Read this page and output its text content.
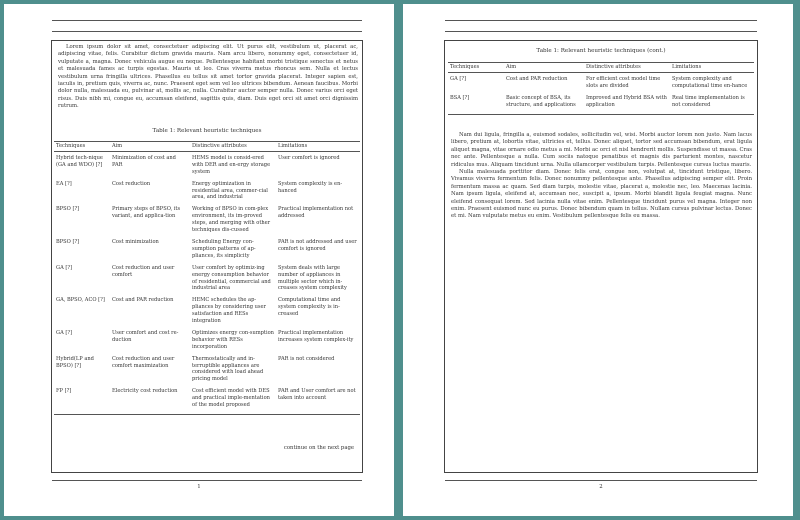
Lorem ipsum dolor sit amet, consectetuer adipiscing elit. Ut purus elit, vestibulum ut, placerat ac, adipiscing vitae, felis. Curabitur dictum gravida mauris. Nam arcu libero, nonummy eget, consectetuer id, vulputate a, magna. Donec vehicula augue eu neque. Pellentesque habitant morbi tristique senectus et netus et malesuada fames ac turpis egestas. Mauris ut leo. Cras viverra metus rhoncus sem. Nulla et lectus vestibulum urna fringilla ultrices. Phasellus eu tellus sit amet tortor gravida placerat. Integer sapien est, iaculis in, pretium quis, viverra ac, nunc. Praesent eget sem vel leo ultrices bibendum. Aenean faucibus. Morbi dolor nulla, malesuada eu, pulvinar at, mollis ac, nulla. Curabitur auctor semper nulla. Donec varius orci eget risus. Duis nibh mi, congue eu, accumsan eleifend, sagittis quis, diam. Duis eget orci sit amet orci dignissim rutrum.

Table 1: Relevant heuristic techniques
Techniques	Aim	Distinctive attributes	Limitations
Hybrid tech-nique (GA and WDO) [?]	Minimization of cost and PAR	HEMS model is consid-ered with DER and en-ergy storage system	User comfort is ignored
EA [?]	Cost reduction	Energy optimization in residential area, commer-cial area, and industrial	System complexity is en-hanced
BPSO [?]	Primary steps of BPSO, its variant, and applica-tion	Working of BPSO in com-plex environment, its im-proved steps, and merging with other techniques dis-cussed	Practical implementation not addressed
BPSO [?]	Cost minimization	Scheduling Energy con-sumption patterns of ap-pliances, its simplicity	PAR is not addressed and user comfort is ignored
GA [?]	Cost reduction and user comfort	User comfort by optimiz-ing energy consumption behavior of residential, commercial and industrial area	System deals with large number of appliances in multiple sector which in-creases system complexity
GA, BPSO, ACO [?]	Cost and PAR reduction	HEMC schedules the ap-pliances by considering user satisfaction and RESs integration	Computational time and system complexity is in-creased
GA [?]	User comfort and cost re-duction	Optimizes energy con-sumption behavior with RESs incorporation	Practical implementation increases system complex-ity
Hybrid(LP and BPSO) [?]	Cost reduction and user comfort maximization	Thermostatically and in-terruptible appliances are considered with load ahead pricing model	PAR is not considered
FP [?]	Electricity cost reduction	Cost efficient model with DES and practical imple-mentation of the model proposed	PAR and User comfort are not taken into account
continue on the next page
1
Table 1: Relevant heuristic techniques (cont.)
Techniques	Aim	Distinctive attributes	Limitations
GA [?]	Cost and PAR reduction	For efficient cost model time slots are divided	System complexity and computational time en-hance
BSA [?]	Basic concept of BSA, its structure, and applications	Improved and Hybrid BSA with application	Real time implementation is not considered

Nam dui ligula, fringilla a, euismod sodales, sollicitudin vel, wisi. Morbi auctor lorem non justo. Nam lacus libero, pretium at, lobortis vitae, ultricies et, tellus. Donec aliquet, tortor sed accumsan bibendum, erat ligula aliquet magna, vitae ornare odio metus a mi. Morbi ac orci et nisl hendrerit mollis. Suspendisse ut massa. Cras nec ante. Pellentesque a nulla. Cum sociis natoque penatibus et magnis dis parturient montes, nascetur ridiculus mus. Aliquam tincidunt urna. Nulla ullamcorper vestibulum turpis. Pellentesque cursus luctus mauris.

Nulla malesuada porttitor diam. Donec felis erat, congue non, volutpat at, tincidunt tristique, libero. Vivamus viverra fermentum felis. Donec nonummy pellentesque ante. Phasellus adipiscing semper elit. Proin fermentum massa ac quam. Sed diam turpis, molestie vitae, placerat a, molestie nec, leo. Maecenas lacinia. Nam ipsum ligula, eleifend at, accumsan nec, suscipit a, ipsum. Morbi blandit ligula feugiat magna. Nunc eleifend consequat lorem. Sed lacinia nulla vitae enim. Pellentesque tincidunt purus vel magna. Integer non enim. Praesent euismod nunc eu purus. Donec bibendum quam in tellus. Nullam cursus pulvinar lectus. Donec et mi. Nam vulputate metus eu enim. Vestibulum pellentesque felis eu massa.

2
